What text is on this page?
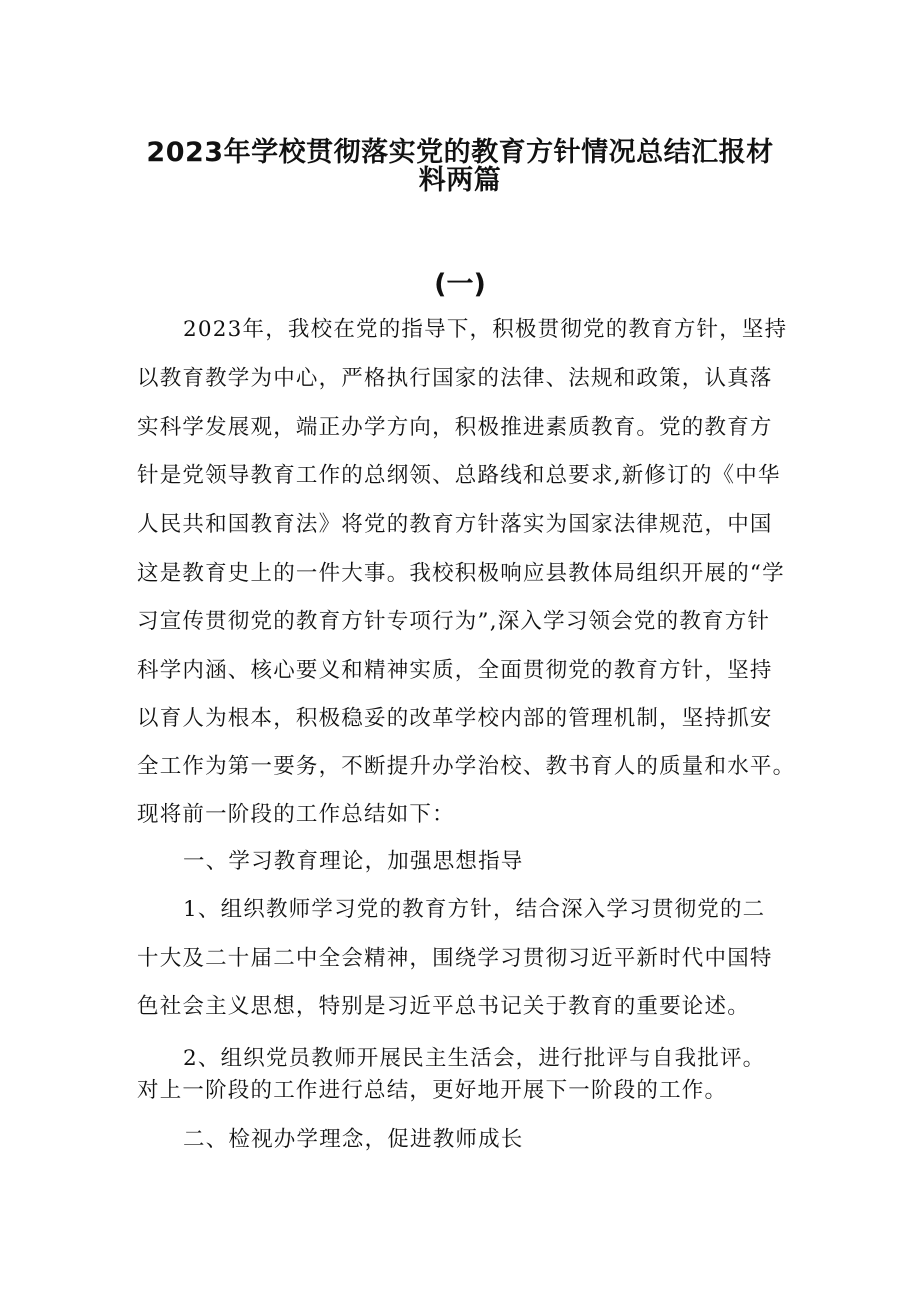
2023年学校贯彻落实党的教育方针情况总结汇报材
料两篇
(一)
2023年，我校在党的指导下，积极贯彻党的教育方针，坚持
以教育教学为中心，严格执行国家的法律、法规和政策，认真落
实科学发展观，端正办学方向，积极推进素质教育。党的教育方
针是党领导教育工作的总纲领、总路线和总要求,新修订的《中华
人民共和国教育法》将党的教育方针落实为国家法律规范，中国
这是教育史上的一件大事。我校积极响应县教体局组织开展的“学
习宣传贯彻党的教育方针专项行为”,深入学习领会党的教育方针
科学内涵、核心要义和精神实质，全面贯彻党的教育方针，坚持
以育人为根本，积极稳妥的改革学校内部的管理机制，坚持抓安
全工作为第一要务，不断提升办学治校、教书育人的质量和水平。
现将前一阶段的工作总结如下：
一、学习教育理论，加强思想指导
1、组织教师学习党的教育方针，结合深入学习贯彻党的二
十大及二十届二中全会精神，围绕学习贯彻习近平新时代中国特
色社会主义思想，特别是习近平总书记关于教育的重要论述。
2、组织党员教师开展民主生活会，进行批评与自我批评。
对上一阶段的工作进行总结，更好地开展下一阶段的工作。
二、检视办学理念，促进教师成长
